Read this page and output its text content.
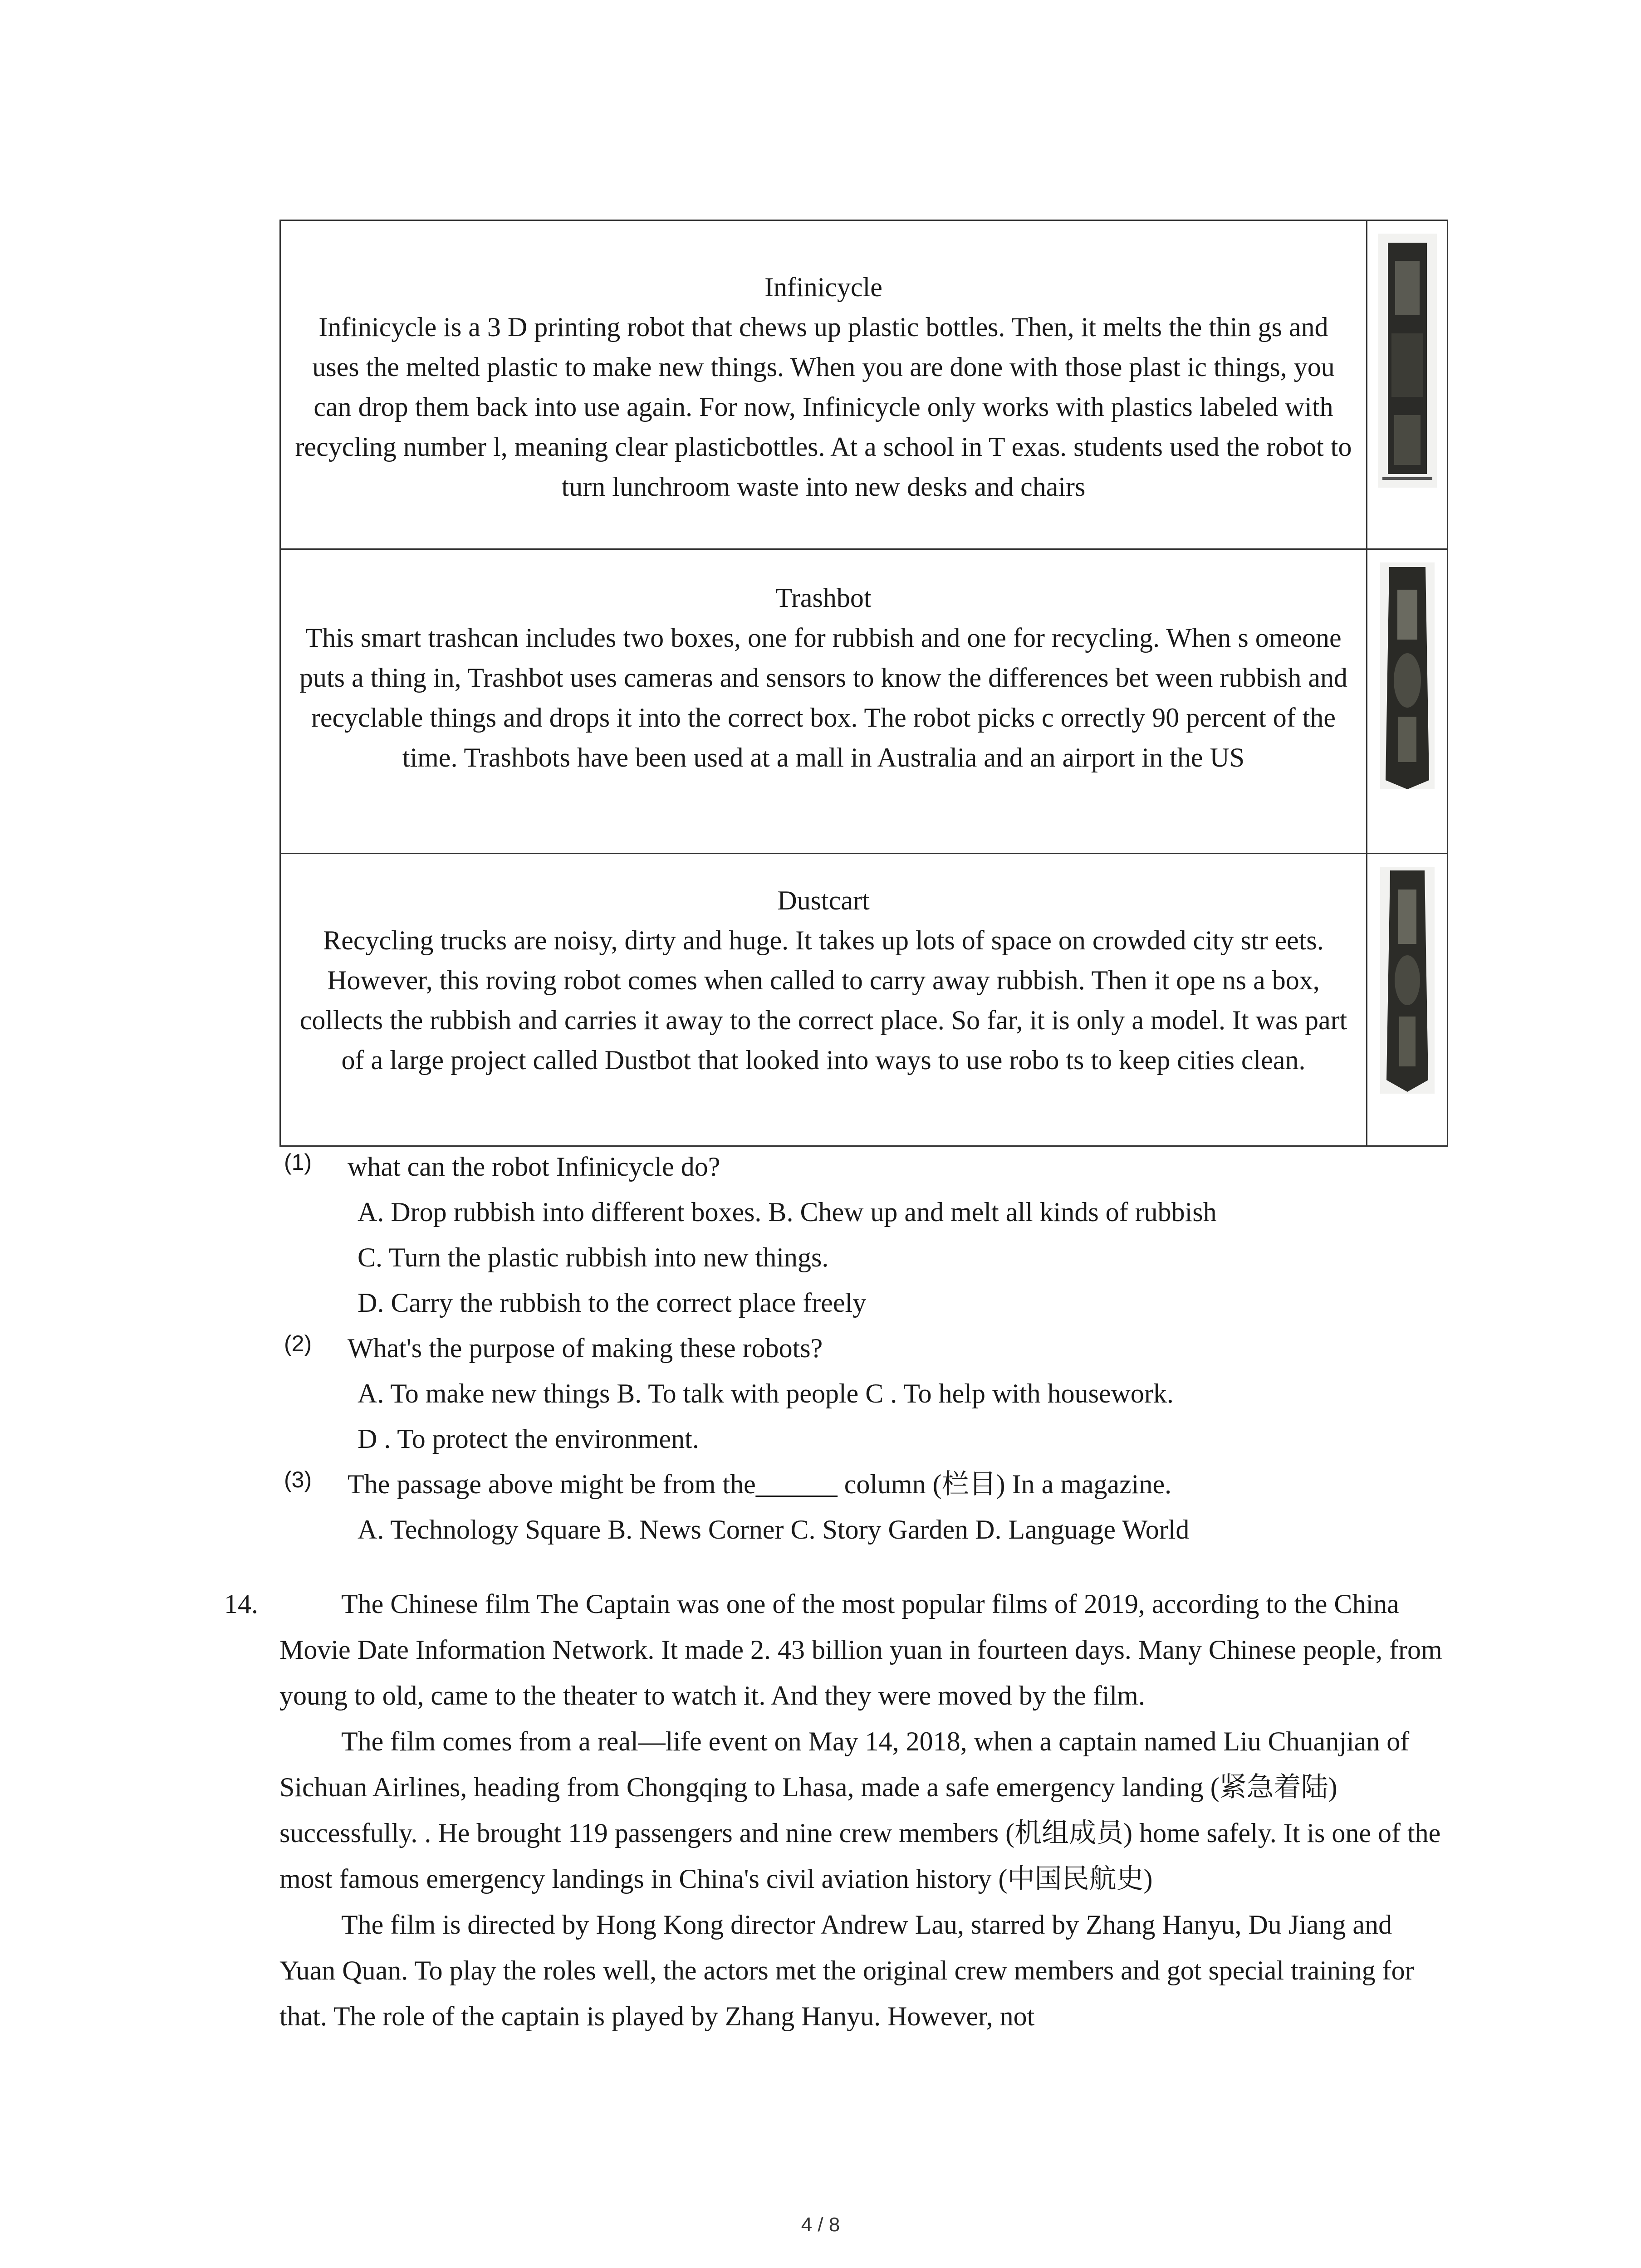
Infinicycle
Infinicycle is a 3 D printing robot that chews up plastic bottles. Then, it melts the thin gs and uses the melted plastic to make new things. When you are done with those plast ic things, you can drop them back into use again. For now, Infinicycle only works with plastics labeled with recycling number l, meaning clear plasticbottles. At a school in T exas. students used the robot to turn lunchroom waste into new desks and chairs

Trashbot
This smart trashcan includes two boxes, one for rubbish and one for recycling. When s omeone puts a thing in, Trashbot uses cameras and sensors to know the differences bet ween rubbish and recyclable things and drops it into the correct box. The robot picks c orrectly 90 percent of the time. Trashbots have been used at a mall in Australia and an airport in the US

Dustcart
Recycling trucks are noisy, dirty and huge. It takes up lots of space on crowded city str eets. However, this roving robot comes when called to carry away rubbish. Then it ope ns a box, collects the rubbish and carries it away to the correct place. So far, it is only a model. It was part of a large project called Dustbot that looked into ways to use robo ts to keep cities clean.

(1) what can the robot Infinicycle do?
A. Drop rubbish into different boxes. B. Chew up and melt all kinds of rubbish
C. Turn the plastic rubbish into new things.
D. Carry the rubbish to the correct place freely
(2) What's the purpose of making these robots?
A. To make new things B. To talk with people C . To help with housework.
D . To protect the environment.
(3) The passage above might be from the______ column (栏目) In a magazine.
A. Technology Square B. News Corner C. Story Garden D. Language World
14.	The Chinese film The Captain was one of the most popular films of 2019, according to the China Movie Date Information Network. It made 2. 43 billion yuan in fourteen days. Many Chinese people, from young to old, came to the theater to watch it. And they were moved by the film.

The film comes from a real—life event on May 14, 2018, when a captain named Liu Chuanjian of Sichuan Airlines, heading from Chongqing to Lhasa, made a safe emergency landing (紧急着陆) successfully. . He brought 119 passengers and nine crew members (机组成员) home safely. It is one of the most famous emergency landings in China's civil aviation history (中国民航史)

The film is directed by Hong Kong director Andrew Lau, starred by Zhang Hanyu, Du Jiang and Yuan Quan. To play the roles well, the actors met the original crew members and got special training for that. The role of the captain is played by Zhang Hanyu. However, not

4 / 8
